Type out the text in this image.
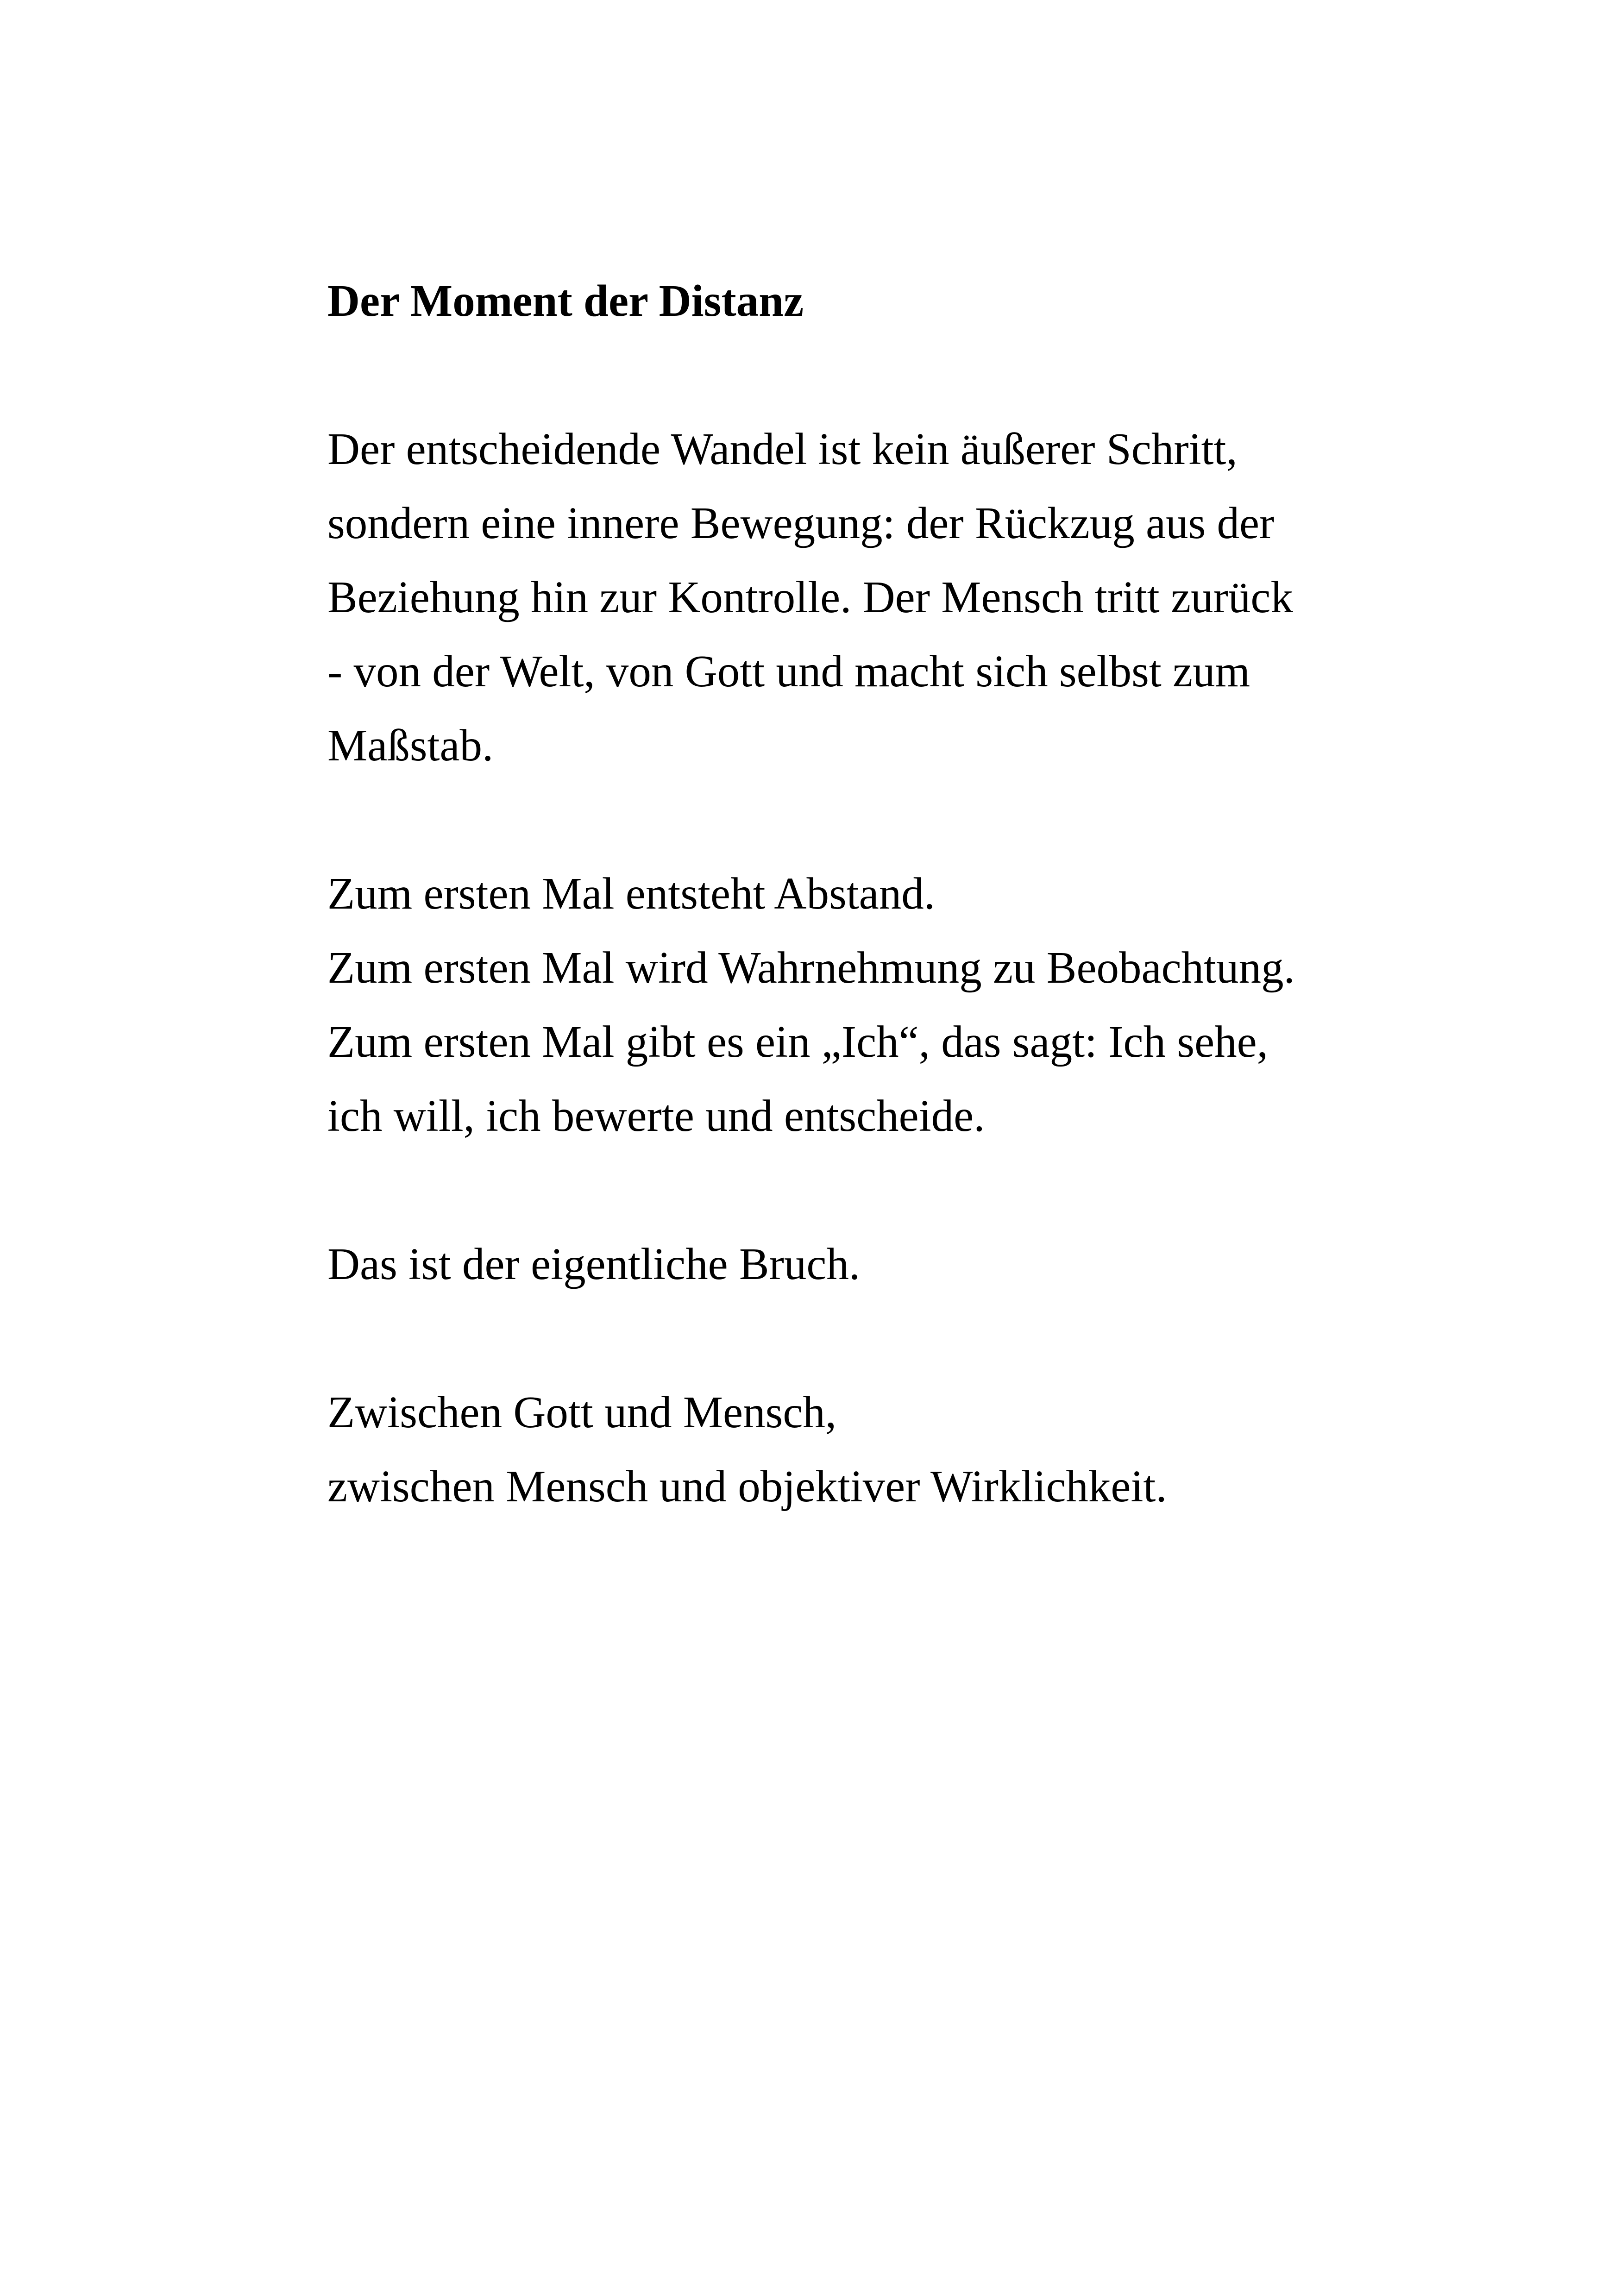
Der Moment der Distanz
Der entscheidende Wandel ist kein äußerer Schritt,
sondern eine innere Bewegung: der Rückzug aus der
Beziehung hin zur Kontrolle. Der Mensch tritt zurück
- von der Welt, von Gott und macht sich selbst zum
Maßstab.
Zum ersten Mal entsteht Abstand.
Zum ersten Mal wird Wahrnehmung zu Beobachtung.
Zum ersten Mal gibt es ein „Ich“, das sagt: Ich sehe,
ich will, ich bewerte und entscheide.
Das ist der eigentliche Bruch.
Zwischen Gott und Mensch,
zwischen Mensch und objektiver Wirklichkeit.
